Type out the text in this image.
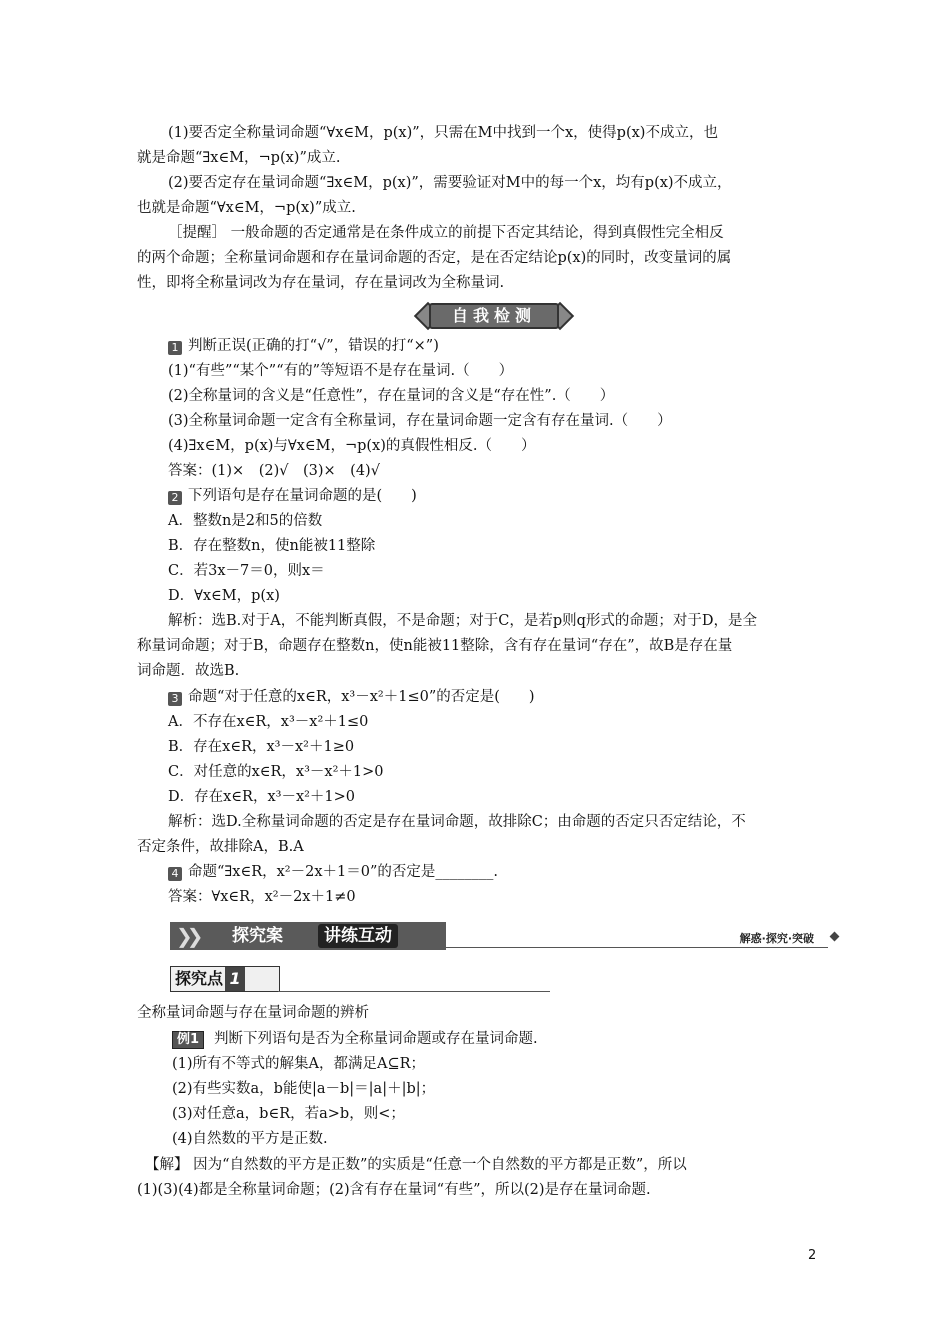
(1)要否定全称量词命题“∀x∈M，p(x)”，只需在M中找到一个x，使得p(x)不成立，也
就是命题“∃x∈M，¬p(x)”成立.
(2)要否定存在量词命题“∃x∈M，p(x)”，需要验证对M中的每一个x，均有p(x)不成立，
也就是命题“∀x∈M，¬p(x)”成立.
［提醒］ 一般命题的否定通常是在条件成立的前提下否定其结论，得到真假性完全相反
的两个命题；全称量词命题和存在量词命题的否定，是在否定结论p(x)的同时，改变量词的属
性，即将全称量词改为存在量词，存在量词改为全称量词.
自我检测
1 判断正误(正确的打“√”，错误的打“×”)
(1)“有些”“某个”“有的”等短语不是存在量词.（　　）
(2)全称量词的含义是“任意性”，存在量词的含义是“存在性”.（　　）
(3)全称量词命题一定含有全称量词，存在量词命题一定含有存在量词.（　　）
(4)∃x∈M，p(x)与∀x∈M，¬p(x)的真假性相反.（　　）
答案：(1)×　(2)√　(3)×　(4)√
2 下列语句是存在量词命题的是(　　)
A．整数n是2和5的倍数
B．存在整数n，使n能被11整除
C．若3x－7＝0，则x＝
D．∀x∈M，p(x)
解析：选B.对于A，不能判断真假，不是命题；对于C，是若p则q形式的命题；对于D，是全
称量词命题；对于B，命题存在整数n，使n能被11整除，含有存在量词“存在”，故B是存在量
词命题．故选B.
3 命题“对于任意的x∈R，x³－x²＋1≤0”的否定是(　　)
A．不存在x∈R，x³－x²＋1≤0
B．存在x∈R，x³－x²＋1≥0
C．对任意的x∈R，x³－x²＋1>0
D．存在x∈R，x³－x²＋1>0
解析：选D.全称量词命题的否定是存在量词命题，故排除C；由命题的否定只否定结论，不
否定条件，故排除A，B.A
4 命题“∃x∈R，x²－2x＋1＝0”的否定是________.
答案：∀x∈R，x²－2x＋1≠0
❯❯ 探究案	讲练互动	解惑·探究·突破
探究点 1
全称量词命题与存在量词命题的辨析
例1 判断下列语句是否为全称量词命题或存在量词命题.
(1)所有不等式的解集A，都满足A⊆R；
(2)有些实数a，b能使|a－b|＝|a|＋|b|；
(3)对任意a，b∈R，若a>b，则<；
(4)自然数的平方是正数.
【解】 因为“自然数的平方是正数”的实质是“任意一个自然数的平方都是正数”，所以
(1)(3)(4)都是全称量词命题；(2)含有存在量词“有些”，所以(2)是存在量词命题.
2
